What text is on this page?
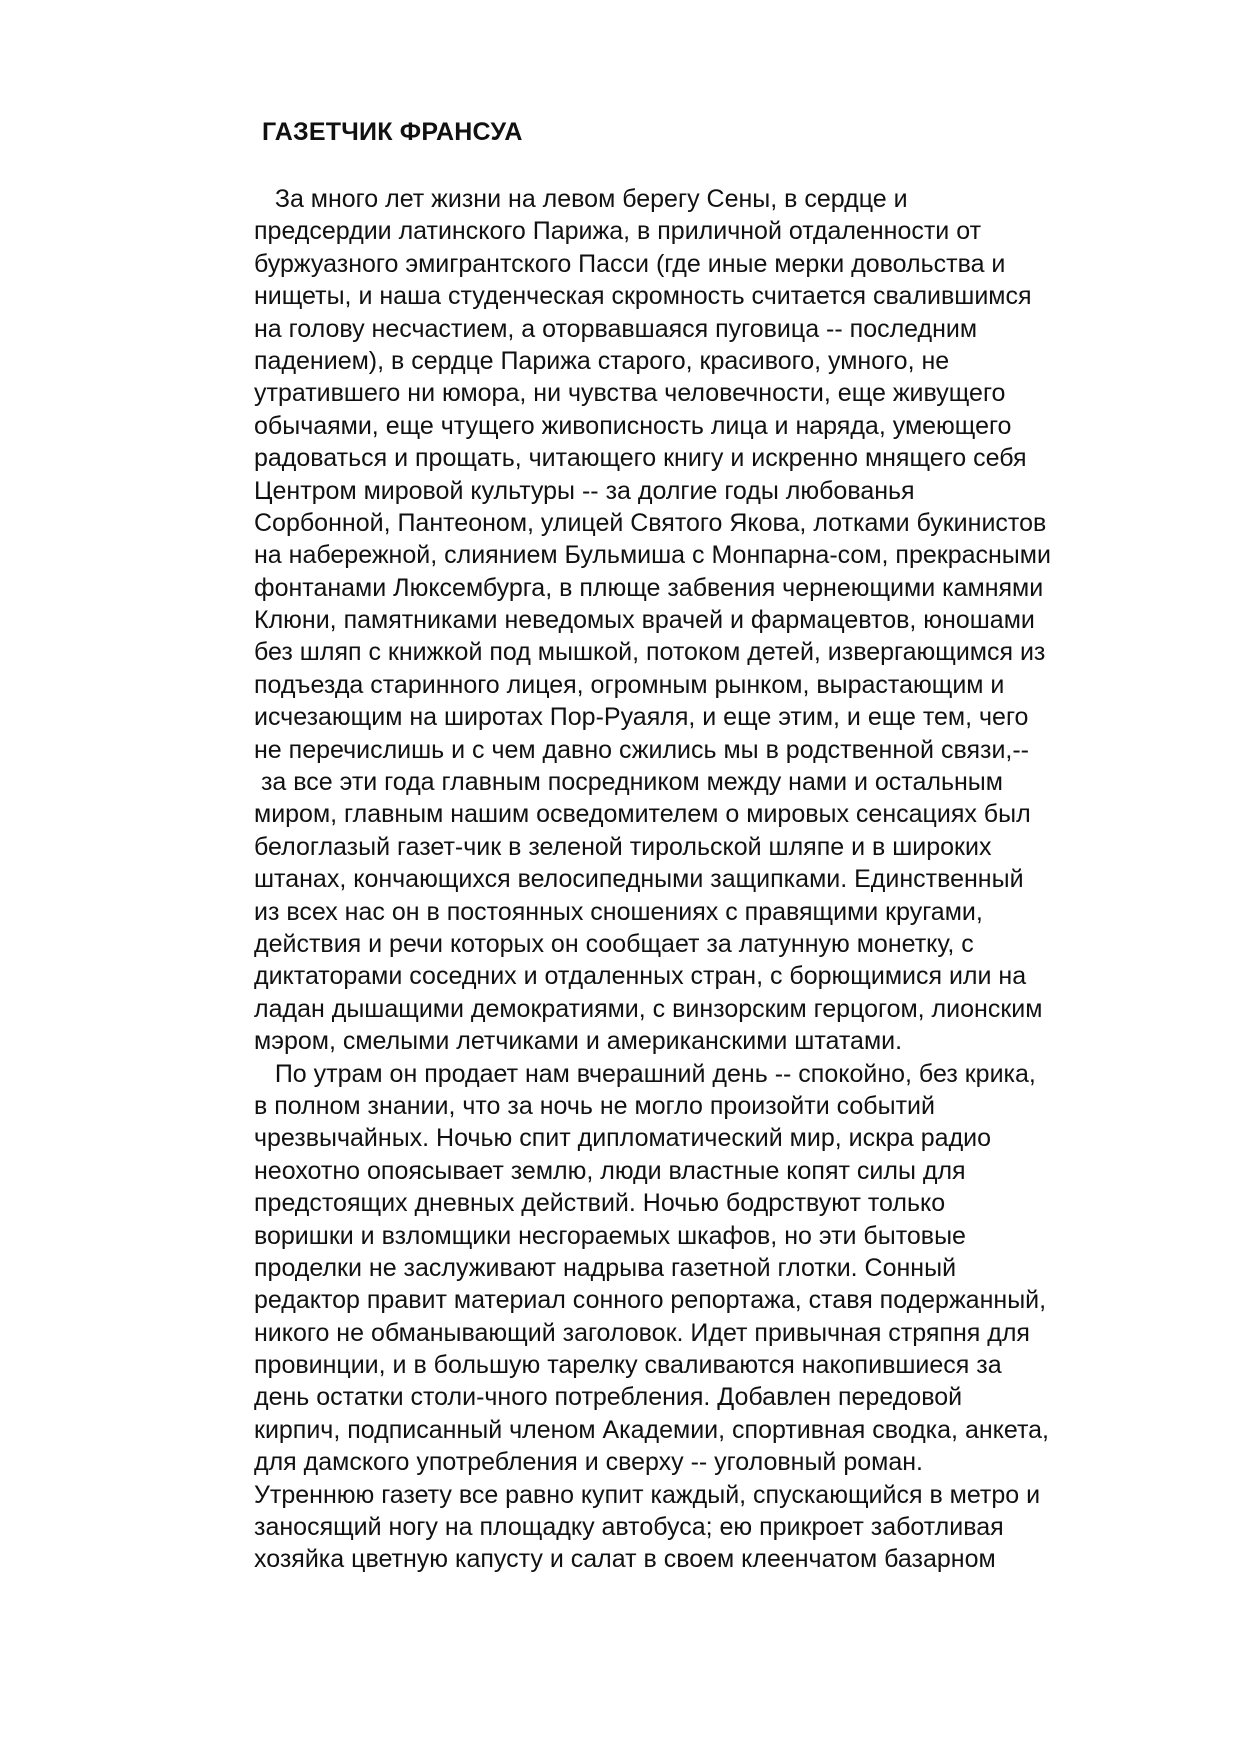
ГАЗЕТЧИК ФРАНСУА
За много лет жизни на левом берегу Сены, в сердце и
предсердии латинского Парижа, в приличной отдаленности от
буржуазного эмигрантского Пасси (где иные мерки довольства и
нищеты, и наша студенческая скромность считается свалившимся
на голову несчастием, а оторвавшаяся пуговица -- последним
падением), в сердце Парижа старого, красивого, умного, не
утратившего ни юмора, ни чувства человечности, еще живущего
обычаями, еще чтущего живописность лица и наряда, умеющего
радоваться и прощать, читающего книгу и искренно мнящего себя
Центром мировой культуры -- за долгие годы любованья
Сорбонной, Пантеоном, улицей Святого Якова, лотками букинистов
на набережной, слиянием Бульмиша с Монпарна-сом, прекрасными
фонтанами Люксембурга, в плюще забвения чернеющими камнями
Клюни, памятниками неведомых врачей и фармацевтов, юношами
без шляп с книжкой под мышкой, потоком детей, извергающимся из
подъезда старинного лицея, огромным рынком, вырастающим и
исчезающим на широтах Пор-Руаяля, и еще этим, и еще тем, чего
не перечислишь и с чем давно сжились мы в родственной связи,--
за все эти года главным посредником между нами и остальным
миром, главным нашим осведомителем о мировых сенсациях был
белоглазый газет-чик в зеленой тирольской шляпе и в широких
штанах, кончающихся велосипедными защипками. Единственный
из всех нас он в постоянных сношениях с правящими кругами,
действия и речи которых он сообщает за латунную монетку, с
диктаторами соседних и отдаленных стран, с борющимися или на
ладан дышащими демократиями, с винзорским герцогом, лионским
мэром, смелыми летчиками и американскими штатами.
По утрам он продает нам вчерашний день -- спокойно, без крика,
в полном знании, что за ночь не могло произойти событий
чрезвычайных. Ночью спит дипломатический мир, искра радио
неохотно опоясывает землю, люди властные копят силы для
предстоящих дневных действий. Ночью бодрствуют только
воришки и взломщики несгораемых шкафов, но эти бытовые
проделки не заслуживают надрыва газетной глотки. Сонный
редактор правит материал сонного репортажа, ставя подержанный,
никого не обманывающий заголовок. Идет привычная стряпня для
провинции, и в большую тарелку сваливаются накопившиеся за
день остатки столи-чного потребления. Добавлен передовой
кирпич, подписанный членом Академии, спортивная сводка, анкета,
для дамского употребления и сверху -- уголовный роман.
Утреннюю газету все равно купит каждый, спускающийся в метро и
заносящий ногу на площадку автобуса; ею прикроет заботливая
хозяйка цветную капусту и салат в своем клеенчатом базарном
